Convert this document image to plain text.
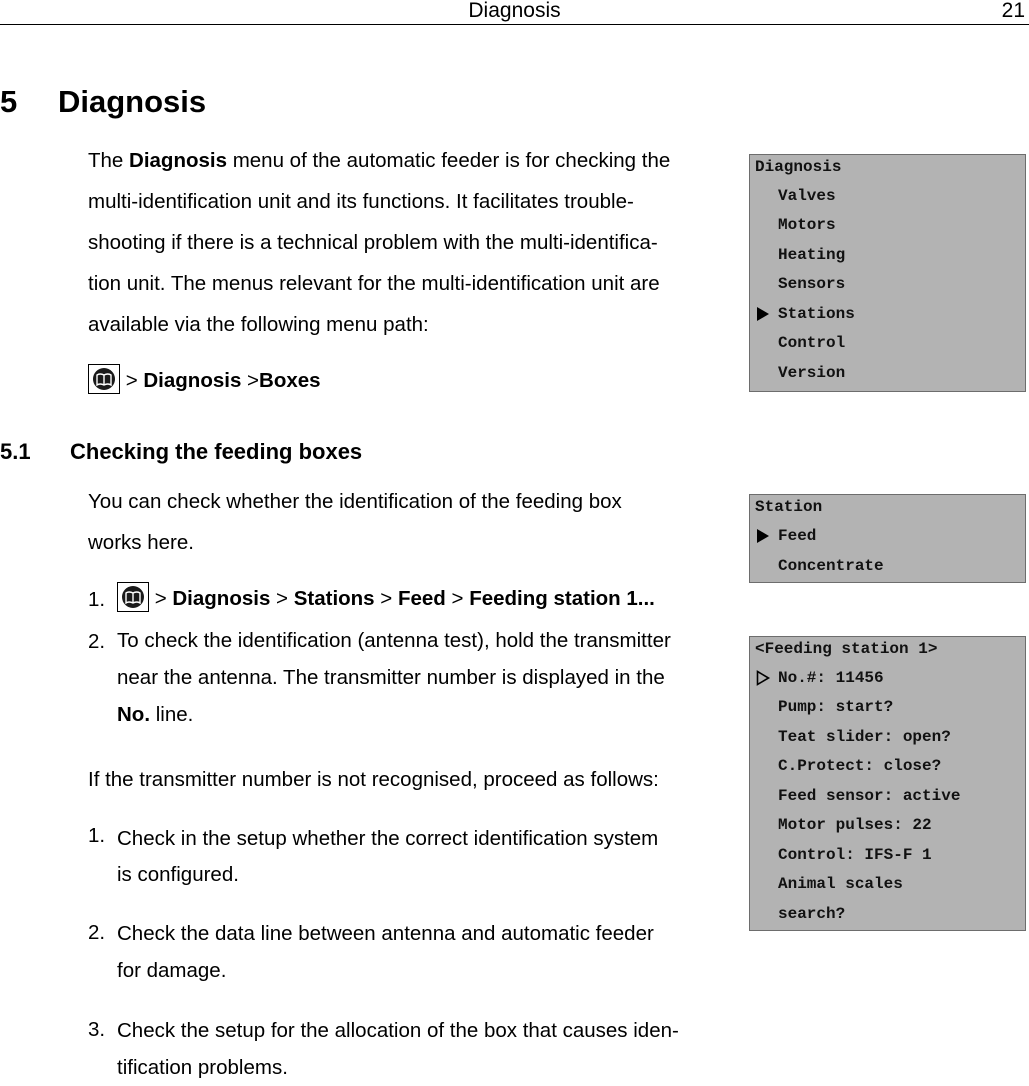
Diagnosis	21
5 Diagnosis
The Diagnosis menu of the automatic feeder is for checking the
multi-identification unit and its functions. It facilitates trouble-
shooting if there is a technical problem with the multi-identifica-
tion unit. The menus relevant for the multi-identification unit are
available via the following menu path:
> Diagnosis >Boxes
5.1 Checking the feeding boxes
You can check whether the identification of the feeding box
works here.
1.	> Diagnosis > Stations > Feed > Feeding station 1...
2. To check the identification (antenna test), hold the transmitter
near the antenna. The transmitter number is displayed in the
No. line.
If the transmitter number is not recognised, proceed as follows:
1. Check in the setup whether the correct identification system
is configured.
2. Check the data line between antenna and automatic feeder
for damage.
3. Check the setup for the allocation of the box that causes iden-
tification problems.
Diagnosis
Valves
Motors
Heating
Sensors
Stations
Control
Version
Station
Feed
Concentrate
<Feeding station 1>
No.#: 11456
Pump: start?
Teat slider: open?
C.Protect: close?
Feed sensor: active
Motor pulses: 22
Control: IFS-F 1
Animal scales
search?
